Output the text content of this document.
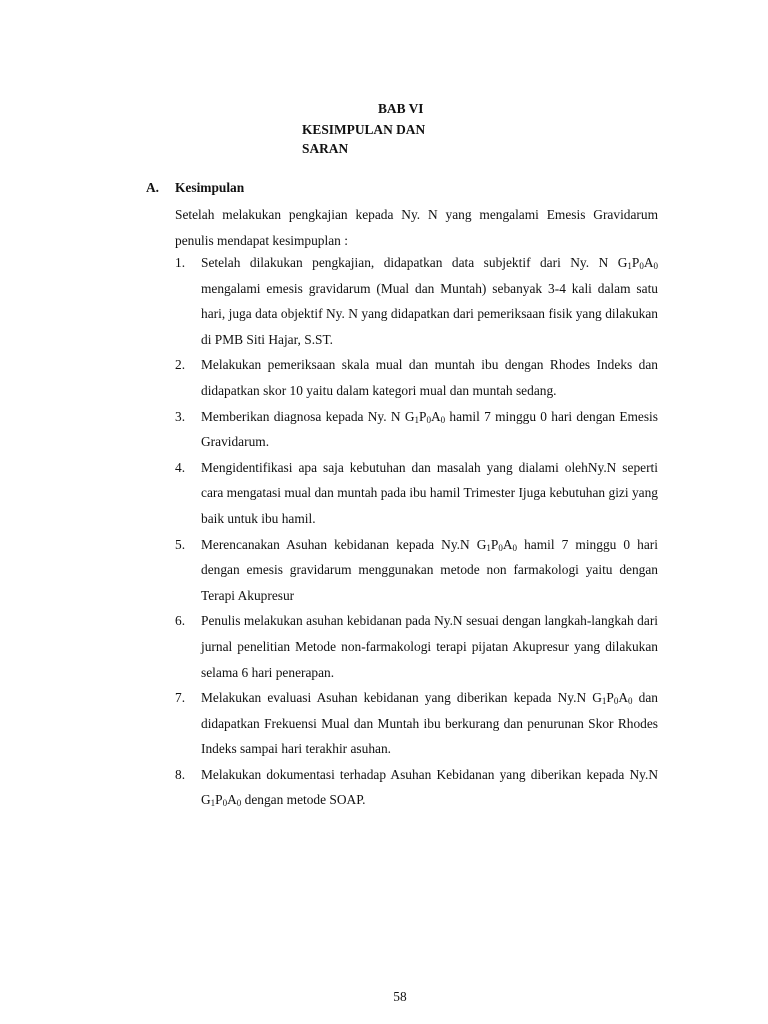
BAB VI
KESIMPULAN DAN
SARAN
A. Kesimpulan
Setelah melakukan pengkajian kepada Ny. N yang mengalami Emesis Gravidarum penulis mendapat kesimpuplan :
1.	Setelah dilakukan pengkajian, didapatkan data subjektif dari Ny. N $G_1P_0A_0$ mengalami emesis gravidarum (Mual dan Muntah) sebanyak 3-4 kali dalam satu hari, juga data objektif Ny. N yang didapatkan dari pemeriksaan fisik yang dilakukan di PMB Siti Hajar, S.ST.
2.	Melakukan pemeriksaan skala mual dan muntah ibu dengan Rhodes Indeks dan didapatkan skor 10 yaitu dalam kategori mual dan muntah sedang.
3.	Memberikan diagnosa kepada Ny. N $G_1P_0A_0$ hamil 7 minggu 0 hari dengan Emesis Gravidarum.
4.	Mengidentifikasi apa saja kebutuhan dan masalah yang dialami olehNy.N seperti cara mengatasi mual dan muntah pada ibu hamil Trimester Ijuga kebutuhan gizi yang baik untuk ibu hamil.
5.	Merencanakan Asuhan kebidanan kepada Ny.N $G_1P_0A_0$ hamil 7 minggu 0 hari dengan emesis gravidarum menggunakan metode non farmakologi yaitu dengan Terapi Akupresur
6.	Penulis melakukan asuhan kebidanan pada Ny.N sesuai dengan langkah-langkah dari jurnal penelitian Metode non-farmakologi terapi pijatan Akupresur yang dilakukan selama 6 hari penerapan.
7.	Melakukan evaluasi Asuhan kebidanan yang diberikan kepada Ny.N $G_1P_0A_0$ dan didapatkan Frekuensi Mual dan Muntah ibu berkurang dan penurunan Skor Rhodes Indeks sampai hari terakhir asuhan.
8.	Melakukan dokumentasi terhadap Asuhan Kebidanan yang diberikan kepada Ny.N $G_1P_0A_0$ dengan metode SOAP.
58
